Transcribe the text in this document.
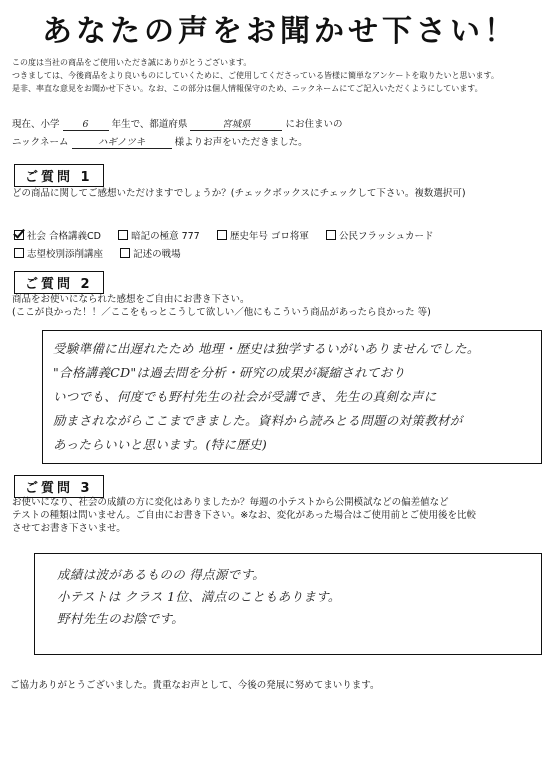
あなたの声をお聞かせ下さい！
この度は当社の商品をご使用いただき誠にありがとうございます。
つきましては、今後商品をより良いものにしていくために、ご使用してくださっている皆様に簡単なアンケートを取りたいと思います。
是非、率直な意見をお聞かせ下さい。なお、この部分は個人情報保守のため、ニックネームにてご記入いただくようにしています。
現在、小学 6 年生で、都道府県	宮城県	にお住まいの
ニックネーム	ハギノツキ	様よりお声をいただきました。
ご質問 1
どの商品に関してご感想いただけますでしょうか？(チェックボックスにチェックして下さい。複数選択可)
社会 合格講義CD	暗記の極意 777	歴史年号 ゴロ将軍	公民フラッシュカード
志望校別添削講座	記述の戦場
ご質問 2
商品をお使いになられた感想をご自由にお書き下さい。
(ここが良かった！！／ここをもっとこうして欲しい／他にもこういう商品があったら良かった 等)
受験準備に出遅れたため 地理・歴史は独学するいがいありませんでした。
"合格講義CD"は過去問を分析・研究の成果が凝縮されており
いつでも、何度でも野村先生の社会が受講でき、先生の真剣な声に
励まされながらここまできました。資料から読みとる問題の対策教材が
あったらいいと思います。(特に歴史)
ご質問 3
お使いになり、社会の成績の方に変化はありましたか？毎週の小テストから公開模試などの偏差値など
テストの種類は問いません。ご自由にお書き下さい。※なお、変化があった場合はご使用前とご使用後を比較
させてお書き下さいませ。
成績は波があるものの 得点源です。
小テストは クラス 1位、満点のこともあります。
野村先生のお陰です。
ご協力ありがとうございました。貴重なお声として、今後の発展に努めてまいります。
